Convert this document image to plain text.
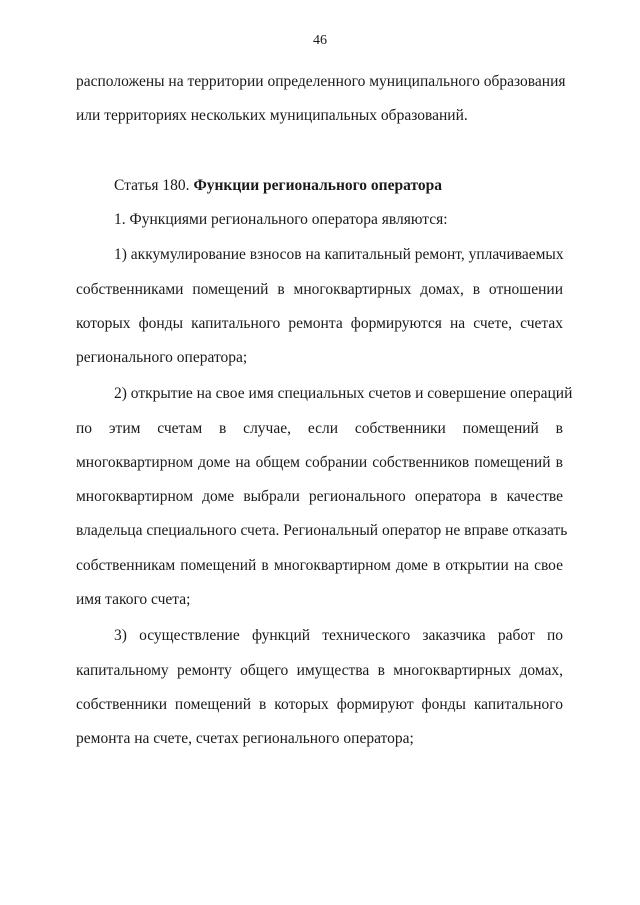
46
расположены на территории определенного муниципального образования
или территориях нескольких муниципальных образований.
Статья 180. Функции регионального оператора
1. Функциями регионального оператора являются:
1) аккумулирование взносов на капитальный ремонт, уплачиваемых
собственниками помещений в многоквартирных домах, в отношении
которых фонды капитального ремонта формируются на счете, счетах
регионального оператора;
2) открытие на свое имя специальных счетов и совершение операций
по этим счетам в случае, если собственники помещений в
многоквартирном доме на общем собрании собственников помещений в
многоквартирном доме выбрали регионального оператора в качестве
владельца специального счета. Региональный оператор не вправе отказать
собственникам помещений в многоквартирном доме в открытии на свое
имя такого счета;
3) осуществление функций технического заказчика работ по
капитальному ремонту общего имущества в многоквартирных домах,
собственники помещений в которых формируют фонды капитального
ремонта на счете, счетах регионального оператора;
